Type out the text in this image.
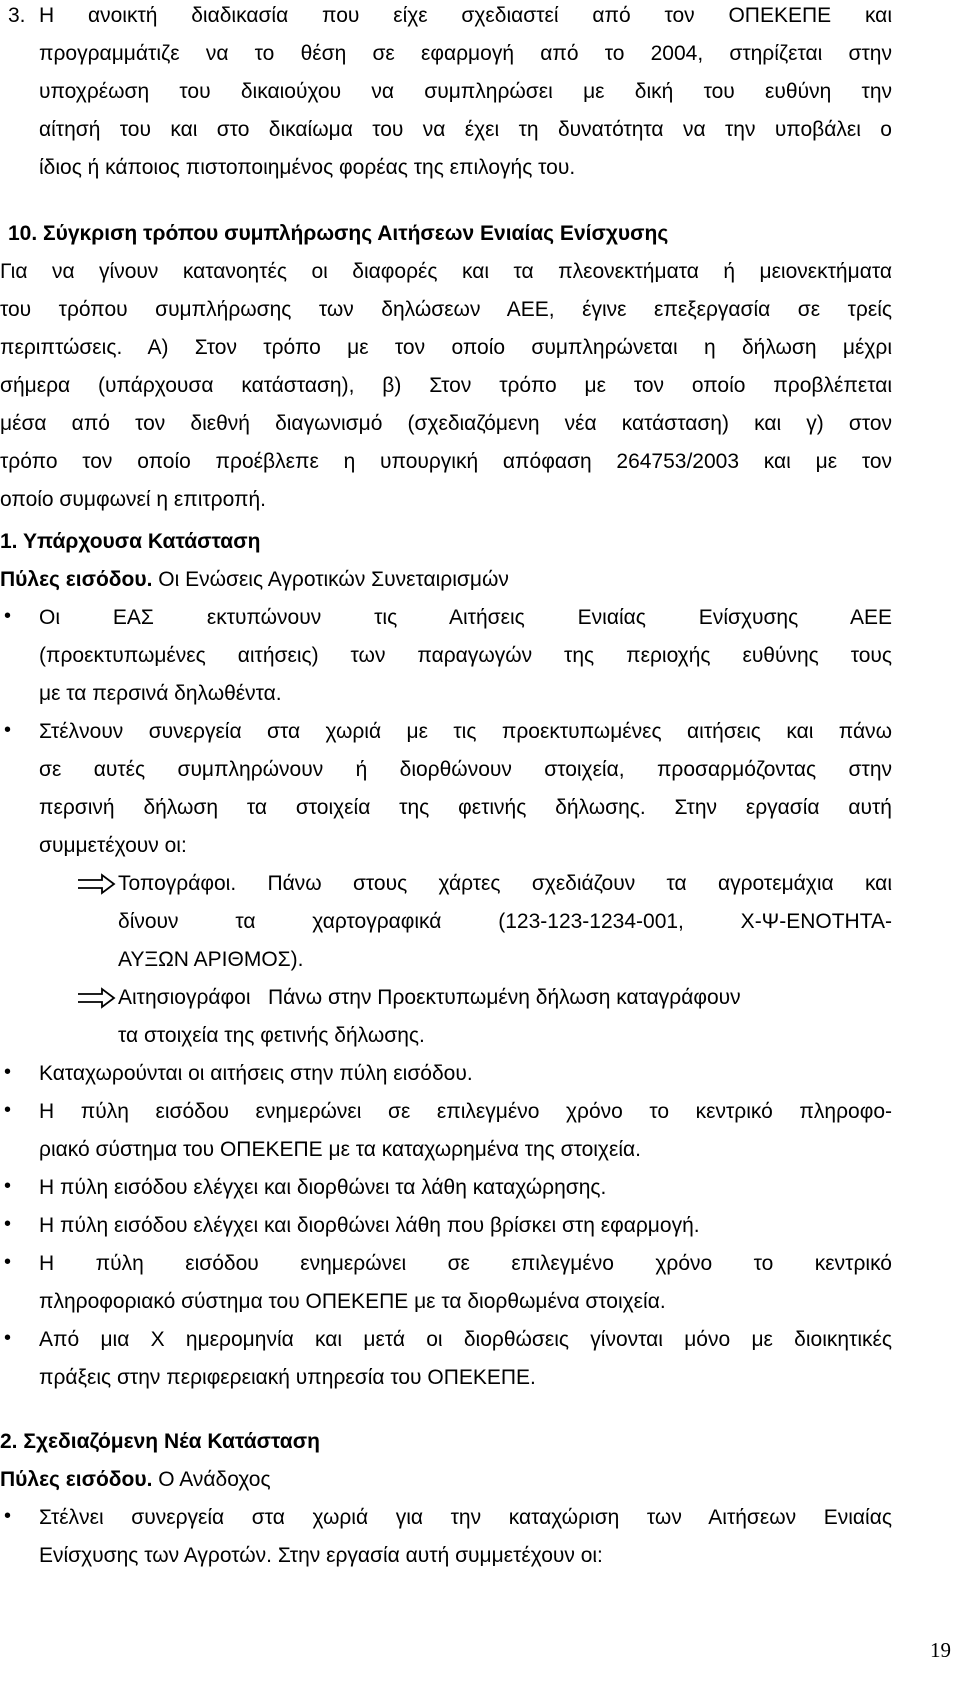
3. Η ανοικτή διαδικασία που είχε σχεδιαστεί από τον ΟΠΕΚΕΠΕ και
προγραμμάτιζε να το θέση σε εφαρμογή από το 2004, στηρίζεται στην
υποχρέωση του δικαιούχου να συμπληρώσει με δική του ευθύνη την
αίτησή του και στο δικαίωμα του να έχει τη δυνατότητα να την υποβάλει ο
ίδιος ή κάποιος πιστοποιημένος φορέας της επιλογής του.
10. Σύγκριση τρόπου συμπλήρωσης Αιτήσεων Ενιαίας Ενίσχυσης
Για να γίνουν κατανοητές οι διαφορές και τα πλεονεκτήματα ή μειονεκτήματα
του τρόπου συμπλήρωσης των δηλώσεων ΑΕΕ, έγινε επεξεργασία σε τρείς
περιπτώσεις. Α) Στον τρόπο με τον οποίο συμπληρώνεται η δήλωση μέχρι
σήμερα (υπάρχουσα κατάσταση), β) Στον τρόπο με τον οποίο προβλέπεται
μέσα από τον διεθνή διαγωνισμό (σχεδιαζόμενη νέα κατάσταση) και γ) στον
τρόπο τον οποίο προέβλεπε η υπουργική απόφαση 264753/2003 και με τον
οποίο συμφωνεί η επιτροπή.
1. Υπάρχουσα Κατάσταση
Πύλες εισόδου. Οι Ενώσεις Αγροτικών Συνεταιρισμών
• Οι ΕΑΣ εκτυπώνουν τις Αιτήσεις Ενιαίας Ενίσχυσης ΑΕΕ
(προεκτυπωμένες αιτήσεις) των παραγωγών της περιοχής ευθύνης τους
με τα περσινά δηλωθέντα.
• Στέλνουν συνεργεία στα χωριά με τις προεκτυπωμένες αιτήσεις και πάνω
σε αυτές συμπληρώνουν ή διορθώνουν στοιχεία, προσαρμόζοντας στην
περσινή δήλωση τα στοιχεία της φετινής δήλωσης. Στην εργασία αυτή
συμμετέχουν οι:
Τοπογράφοι. Πάνω στους χάρτες σχεδιάζουν τα αγροτεμάχια και
δίνουν τα χαρτογραφικά (123-123-1234-001, Χ-Ψ-ΕΝΟΤΗΤΑ-
ΑΥΞΩΝ ΑΡΙΘΜΟΣ).
Αιτησιογράφοι   Πάνω στην Προεκτυπωμένη δήλωση καταγράφουν
τα στοιχεία της φετινής δήλωσης.
• Καταχωρούνται οι αιτήσεις στην πύλη εισόδου.
• Η πύλη εισόδου ενημερώνει σε επιλεγμένο χρόνο το κεντρικό πληροφο-
ριακό σύστημα του ΟΠΕΚΕΠΕ με τα καταχωρημένα της στοιχεία.
• Η πύλη εισόδου ελέγχει και διορθώνει τα λάθη καταχώρησης.
• Η πύλη εισόδου ελέγχει και διορθώνει λάθη που βρίσκει στη εφαρμογή.
• Η πύλη εισόδου ενημερώνει σε επιλεγμένο χρόνο το κεντρικό
πληροφοριακό σύστημα του ΟΠΕΚΕΠΕ με τα διορθωμένα στοιχεία.
• Από μια Χ ημερομηνία και μετά οι διορθώσεις γίνονται μόνο με διοικητικές
πράξεις στην περιφερειακή υπηρεσία του ΟΠΕΚΕΠΕ.
2. Σχεδιαζόμενη Νέα Κατάσταση
Πύλες εισόδου. Ο Ανάδοχος
• Στέλνει συνεργεία στα χωριά για την καταχώριση των Αιτήσεων Ενιαίας
Ενίσχυσης των Αγροτών. Στην εργασία αυτή συμμετέχουν οι:
19
